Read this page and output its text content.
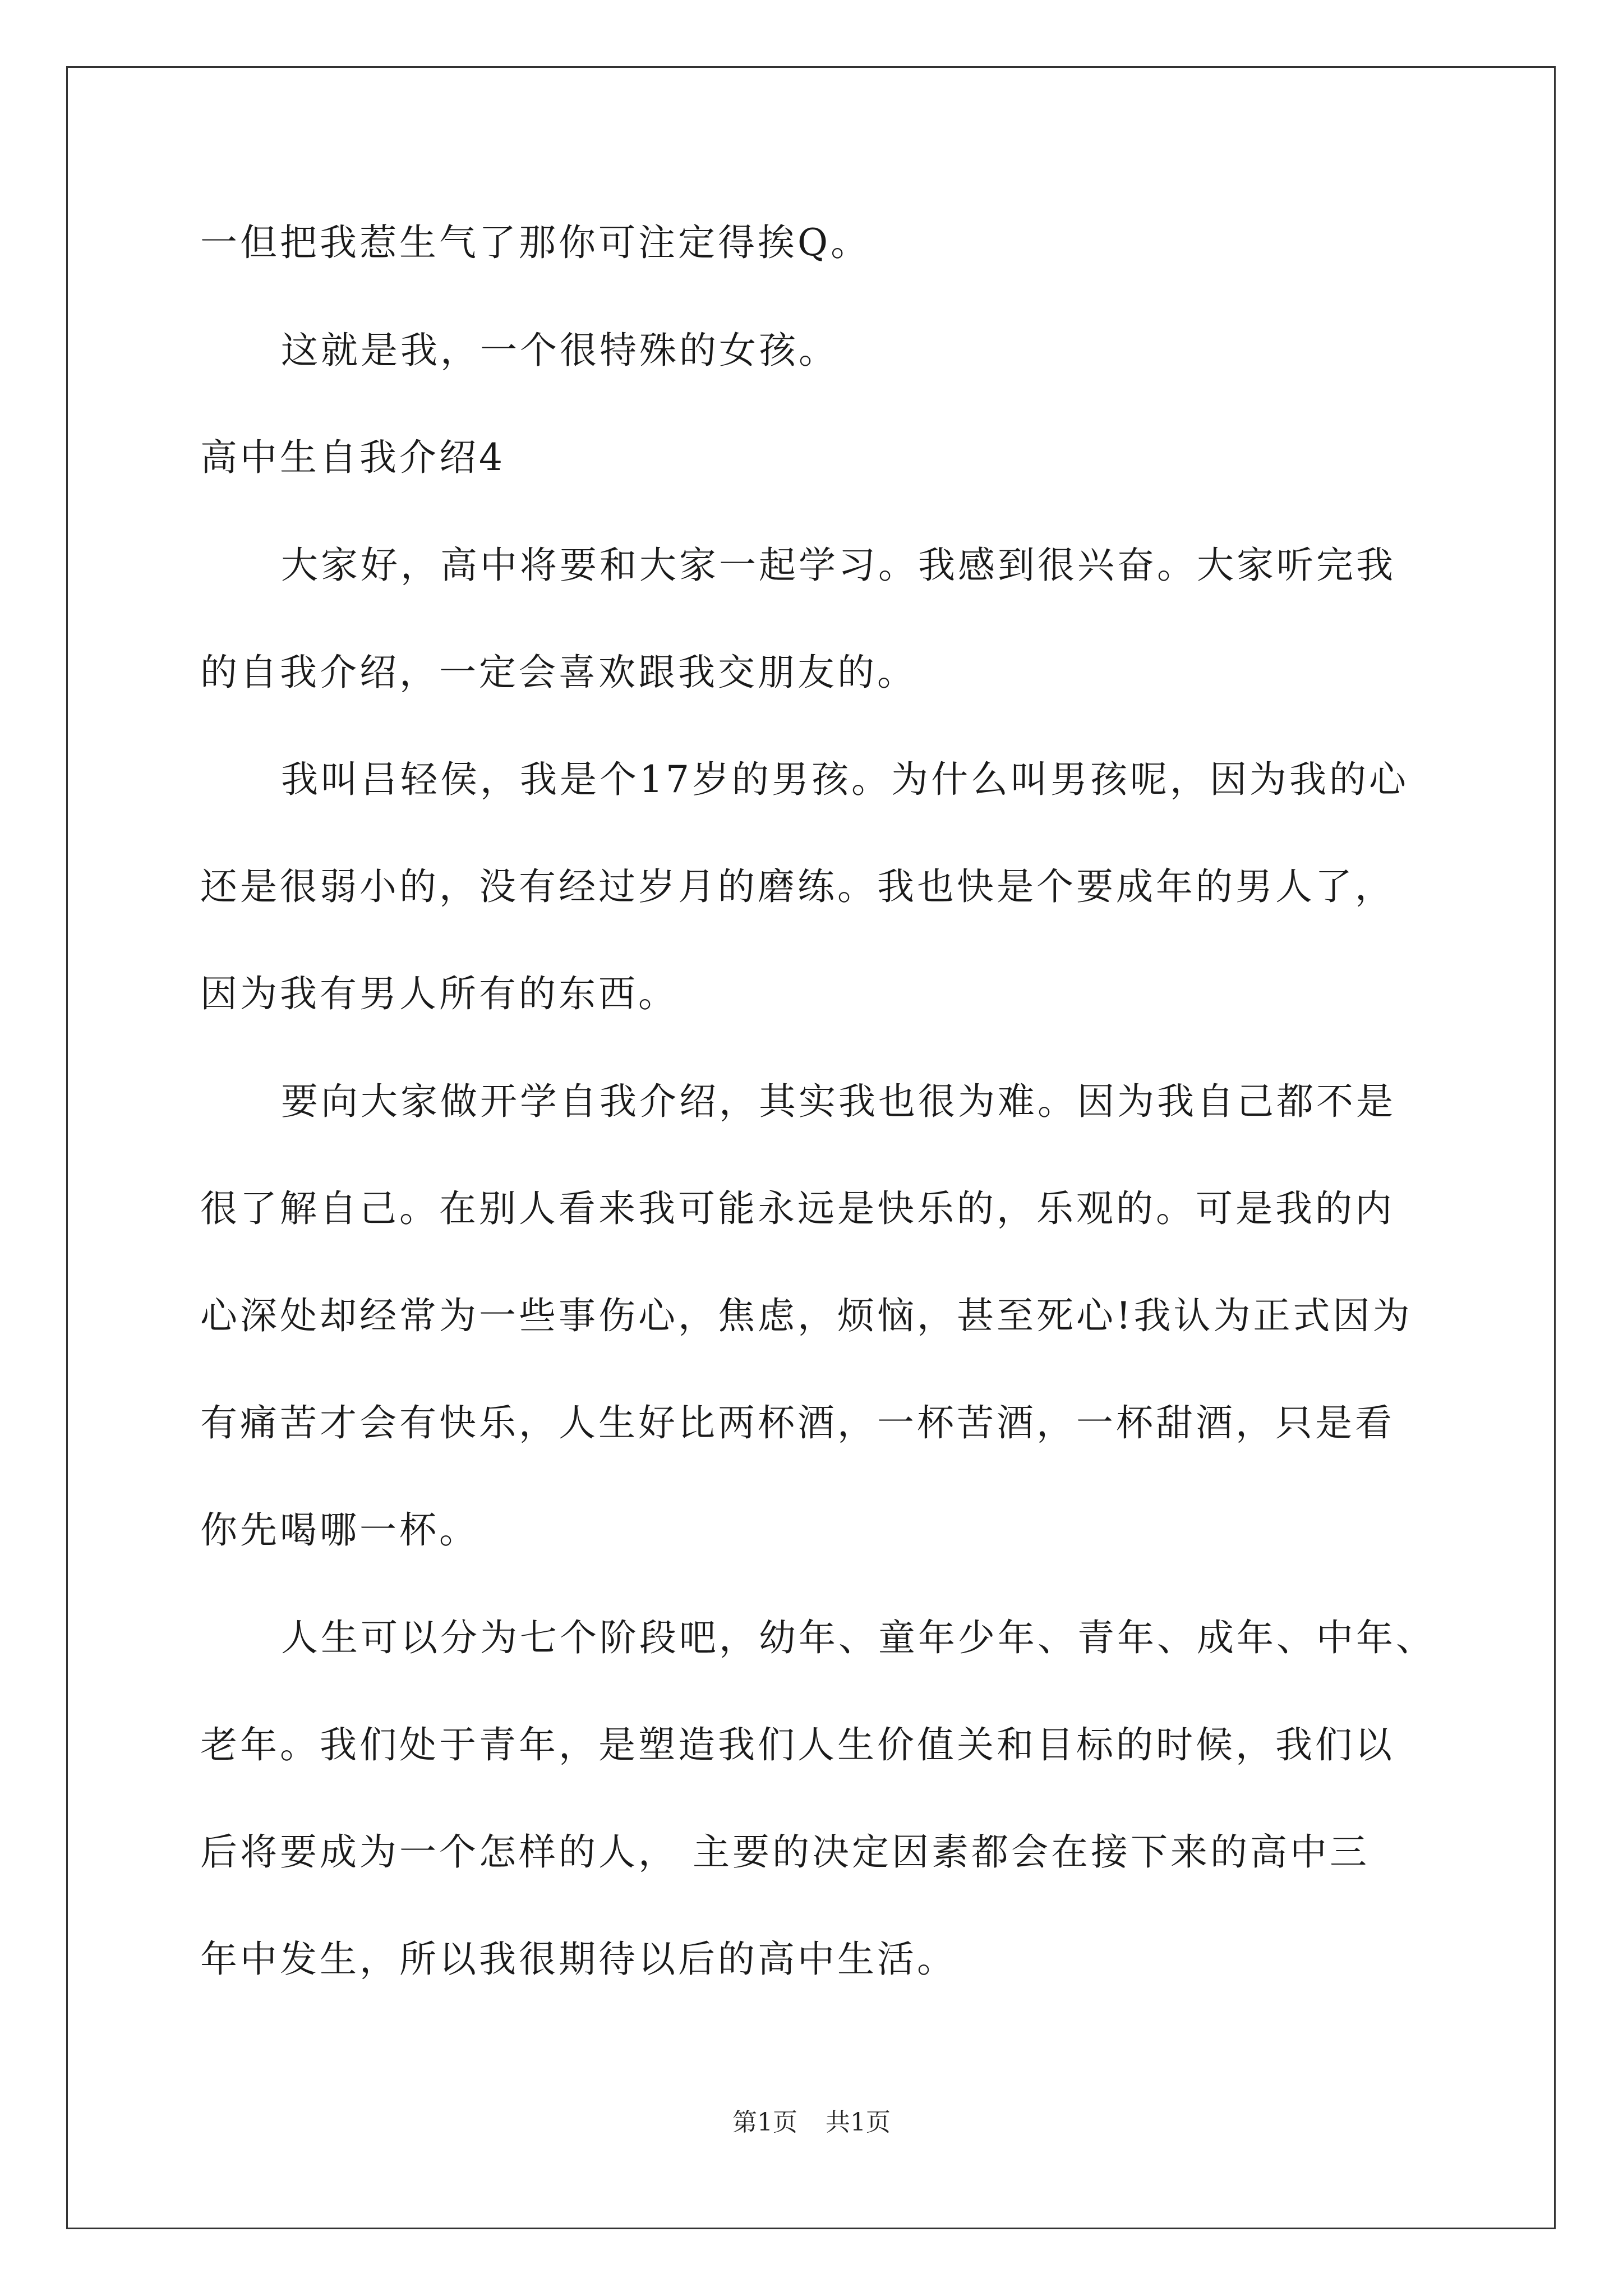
一但把我惹生气了那你可注定得挨Q。
这就是我，一个很特殊的女孩。
高中生自我介绍4
大家好，高中将要和大家一起学习。我感到很兴奋。大家听完我
的自我介绍，一定会喜欢跟我交朋友的。
我叫吕轻侯，我是个17岁的男孩。为什么叫男孩呢，因为我的心
还是很弱小的，没有经过岁月的磨练。我也快是个要成年的男人了，
因为我有男人所有的东西。
要向大家做开学自我介绍，其实我也很为难。因为我自己都不是
很了解自己。在别人看来我可能永远是快乐的，乐观的。可是我的内
心深处却经常为一些事伤心，焦虑，烦恼，甚至死心!我认为正式因为
有痛苦才会有快乐，人生好比两杯酒，一杯苦酒，一杯甜酒，只是看
你先喝哪一杯。
人生可以分为七个阶段吧，幼年、童年少年、青年、成年、中年、
老年。我们处于青年，是塑造我们人生价值关和目标的时候，我们以
后将要成为一个怎样的人， 主要的决定因素都会在接下来的高中三
年中发生，所以我很期待以后的高中生活。
第1页 共1页
